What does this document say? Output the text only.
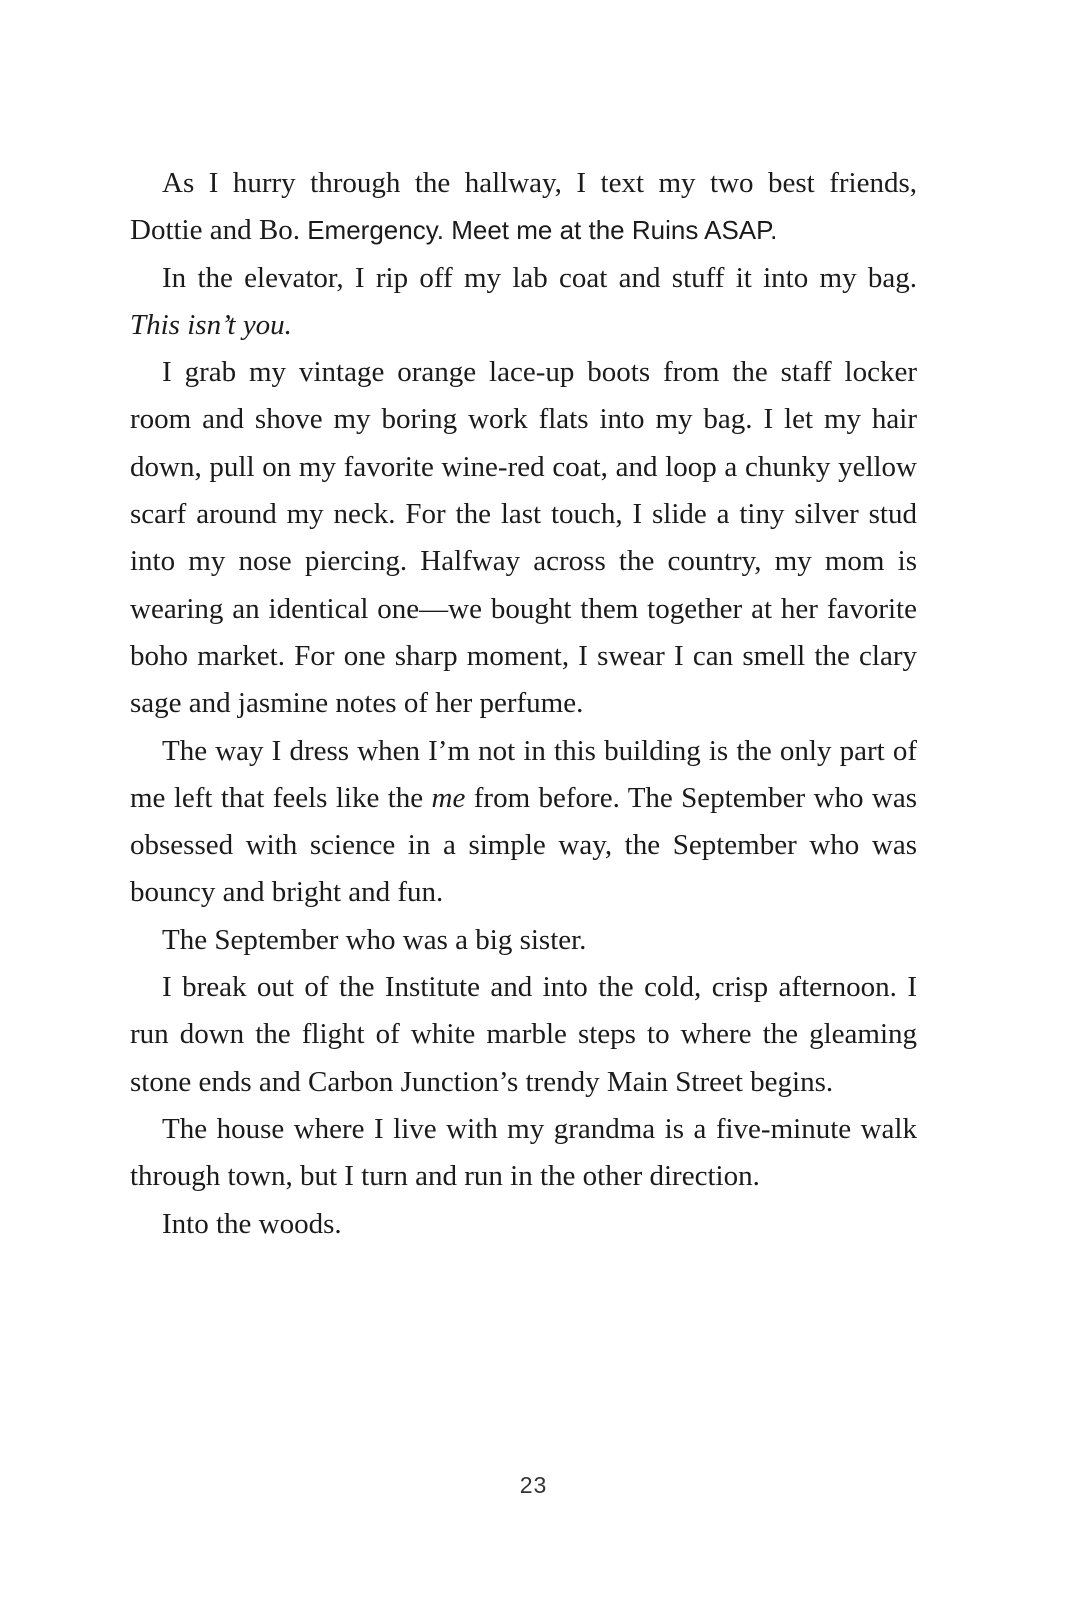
As I hurry through the hallway, I text my two best friends, Dottie and Bo. Emergency. Meet me at the Ruins ASAP.

In the elevator, I rip off my lab coat and stuff it into my bag. This isn’t you.

I grab my vintage orange lace-up boots from the staff locker room and shove my boring work flats into my bag. I let my hair down, pull on my favorite wine-red coat, and loop a chunky yellow scarf around my neck. For the last touch, I slide a tiny silver stud into my nose piercing. Halfway across the country, my mom is wearing an identical one—we bought them together at her favorite boho market. For one sharp moment, I swear I can smell the clary sage and jasmine notes of her perfume.

The way I dress when I’m not in this building is the only part of me left that feels like the me from before. The September who was obsessed with science in a simple way, the September who was bouncy and bright and fun.

The September who was a big sister.

I break out of the Institute and into the cold, crisp afternoon. I run down the flight of white marble steps to where the gleaming stone ends and Carbon Junction’s trendy Main Street begins.

The house where I live with my grandma is a five-minute walk through town, but I turn and run in the other direction.

Into the woods.

23
